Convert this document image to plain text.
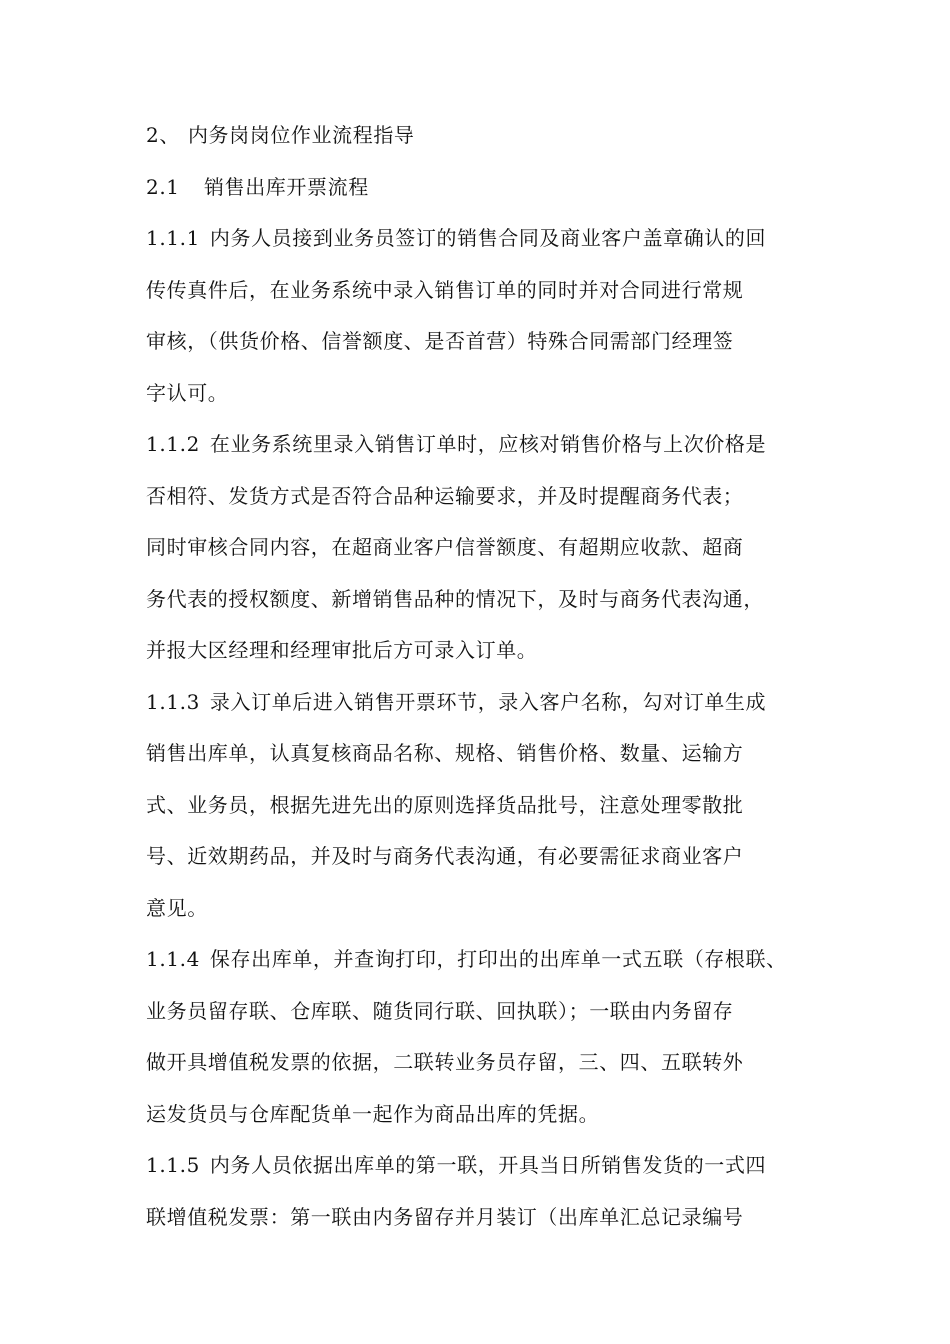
2、 内务岗岗位作业流程指导
2.1 销售出库开票流程
1.1.1 内务人员接到业务员签订的销售合同及商业客户盖章确认的回
传传真件后，在业务系统中录入销售订单的同时并对合同进行常规
审核，（供货价格、信誉额度、是否首营）特殊合同需部门经理签
字认可。
1.1.2 在业务系统里录入销售订单时，应核对销售价格与上次价格是
否相符、发货方式是否符合品种运输要求，并及时提醒商务代表；
同时审核合同内容，在超商业客户信誉额度、有超期应收款、超商
务代表的授权额度、新增销售品种的情况下，及时与商务代表沟通，
并报大区经理和经理审批后方可录入订单。
1.1.3 录入订单后进入销售开票环节，录入客户名称，勾对订单生成
销售出库单，认真复核商品名称、规格、销售价格、数量、运输方
式、业务员，根据先进先出的原则选择货品批号，注意处理零散批
号、近效期药品，并及时与商务代表沟通，有必要需征求商业客户
意见。
1.1.4 保存出库单，并查询打印，打印出的出库单一式五联（存根联、
业务员留存联、仓库联、随货同行联、回执联）；一联由内务留存
做开具增值税发票的依据，二联转业务员存留，三、四、五联转外
运发货员与仓库配货单一起作为商品出库的凭据。
1.1.5 内务人员依据出库单的第一联，开具当日所销售发货的一式四
联增值税发票：第一联由内务留存并月装订（出库单汇总记录编号
